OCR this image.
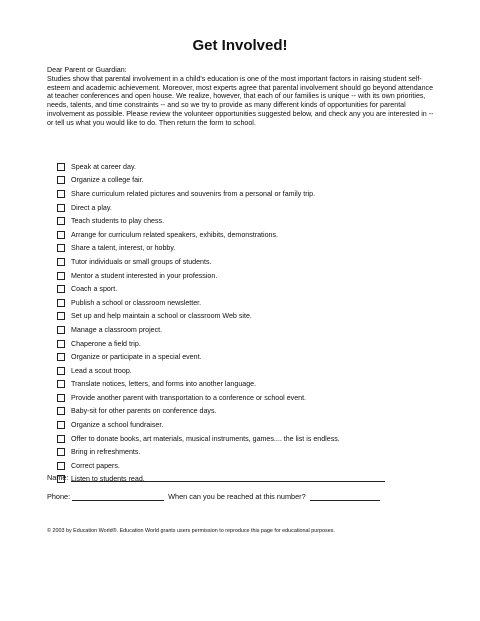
Get Involved!

Dear Parent or Guardian:

Studies show that parental involvement in a child's education is one of the most important factors in raising student self-esteem and academic achievement. Moreover, most experts agree that parental involvement should go beyond attendance at teacher conferences and open house. We realize, however, that each of our families is unique -- with its own priorities, needs, talents, and time constraints -- and so we try to provide as many different kinds of opportunities for parental involvement as possible. Please review the volunteer opportunities suggested below, and check any you are interested in -- or tell us what you would like to do. Then return the form to school.

Speak at career day.
Organize a college fair.
Share curriculum related pictures and souvenirs from a personal or family trip.
Direct a play.
Teach students to play chess.
Arrange for curriculum related speakers, exhibits, demonstrations.
Share a talent, interest, or hobby.
Tutor individuals or small groups of students.
Mentor a student interested in your profession.
Coach a sport.
Publish a school or classroom newsletter.
Set up and help maintain a school or classroom Web site.
Manage a classroom project.
Chaperone a field trip.
Organize or participate in a special event.
Lead a scout troop.
Translate notices, letters, and forms into another language.
Provide another parent with transportation to a conference or school event.
Baby-sit for other parents on conference days.
Organize a school fundraiser.
Offer to donate books, art materials, musical instruments, games.... the list is endless.
Bring in refreshments.
Correct papers.
Listen to students read.
Name:
Phone:	When can you be reached at this number?
© 2003 by Education World®. Education World grants users permission to reproduce this page for educational purposes.
